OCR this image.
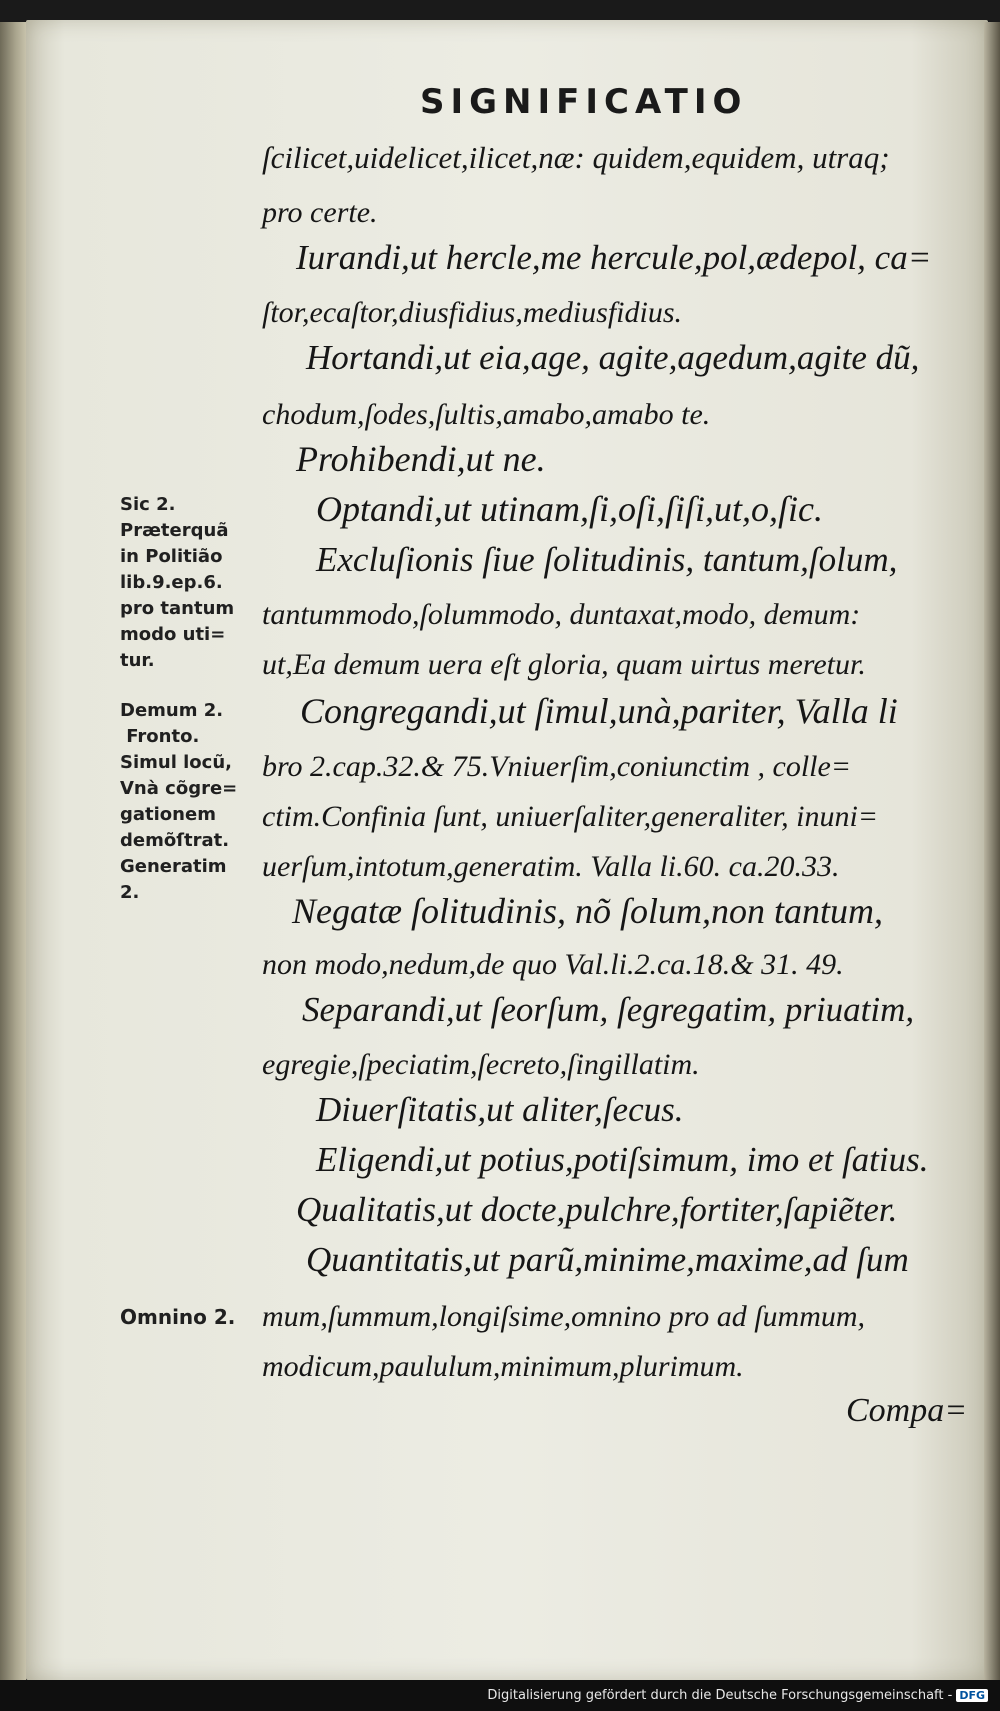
SIGNIFICATIO
ſcilicet,uidelicet,ilicet,næ: quidem,equidem, utraq;
pro certe.
Iurandi,ut hercle,me hercule,pol,ædepol, ca=
ſtor,ecaſtor,diusfidius,mediusfidius.
Hortandi,ut eia,age, agite,agedum,agite dũ,
chodum,ſodes,ſultis,amabo,amabo te.
Prohibendi,ut ne.
Optandi,ut utinam,ſi,oſi,ſiſi,ut,o,ſic.
Excluſionis ſiue ſolitudinis, tantum,ſolum,
tantummodo,ſolummodo, duntaxat,modo, demum:
ut,Ea demum uera eſt gloria, quam uirtus meretur.
Congregandi,ut ſimul,unà,pariter, Valla li
bro 2.cap.32.& 75.Vniuerſim,coniunctim , colle=
ctim.Confinia ſunt, uniuerſaliter,generaliter, inuni=
uerſum,intotum,generatim. Valla li.60. ca.20.33.
Negatæ ſolitudinis, nõ ſolum,non tantum,
non modo,nedum,de quo Val.li.2.ca.18.& 31. 49.
Separandi,ut ſeorſum, ſegregatim, priuatim,
egregie,ſpeciatim,ſecreto,ſingillatim.
Diuerſitatis,ut aliter,ſecus.
Eligendi,ut potius,potiſsimum, imo et ſatius.
Qualitatis,ut docte,pulchre,fortiter,ſapiẽter.
Quantitatis,ut parũ,minime,maxime,ad ſum
mum,ſummum,longiſsime,omnino pro ad ſummum,
modicum,paululum,minimum,plurimum.
Sic 2.
Præterquã
in Politião
lib.9.ep.6.
pro tantum
modo uti=
tur.
Demum 2.
Fronto.
Simul locũ,
Vnà cõgre=
gationem
demõſtrat.
Generatim
2.
Omnino 2.
Compa=
Digitalisierung gefördert durch die Deutsche Forschungsgemeinschaft - DFG
